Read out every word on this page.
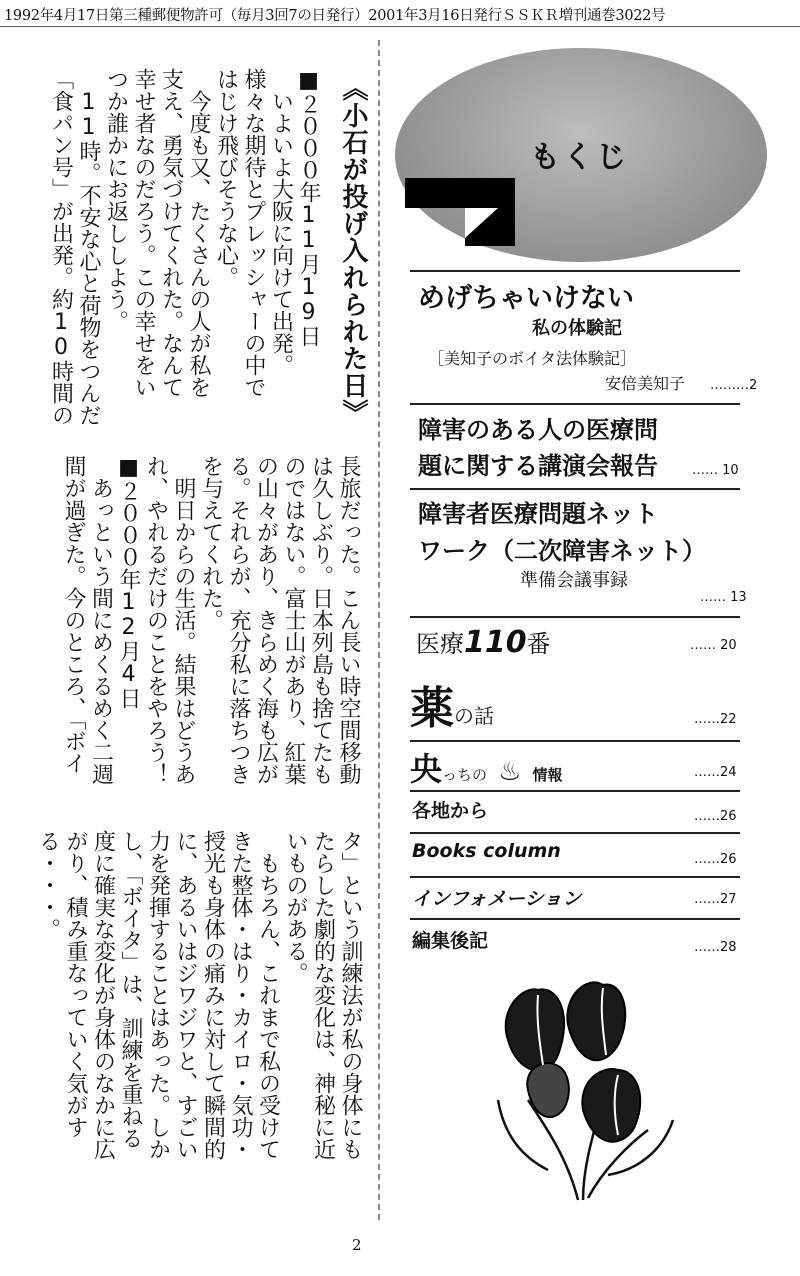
1992年4月17日第三種郵便物許可（毎月3回7の日発行）2001年3月16日発行ＳＳＫＲ増刊通巻3022号
《小石が投げ入れられた日》
■２０００年11月19日
　いよいよ大阪に向けて出発。
様々な期待とプレッシャーの中で
はじけ飛びそうな心。
　今度も又、たくさんの人が私を
支え、勇気づけてくれた。なんて
幸せ者なのだろう。この幸せをい
つか誰かにお返ししよう。
　11時。不安な心と荷物をつんだ
「食パン号」が出発。約10時間の
長旅だった。こん長い時空間移動
は久しぶり。日本列島も捨てたも
のではない。富士山があり、紅葉
の山々があり、きらめく海も広が
る。それらが、充分私に落ちつき
を与えてくれた。
　明日からの生活。結果はどうあ
れ、やれるだけのことをやろう！
■２０００年12月4日
　あっという間にめくるめく二週
間が過ぎた。今のところ、「ボイ
タ」という訓練法が私の身体にも
たらした劇的な変化は、神秘に近
いものがある。
　もちろん、これまで私の受けて
きた整体・はり・カイロ・気功・
授光も身体の痛みに対して瞬間的
に、あるいはジワジワと、すごい
力を発揮することはあった。しか
し、「ボイタ」は、訓練を重ねる
度に確実な変化が身体のなかに広
がり、積み重なっていく気がす
る・・・。
もくじ
めげちゃいけない
私の体験記
［美知子のボイタ法体験記］
安倍美知子 ………2
障害のある人の医療問
題に関する講演会報告	…… 10
障害者医療問題ネット
ワーク（二次障害ネット）
準備会議事録
…… 13
医療110番	…… 20
薬の話	……22
央っちの ♨ 情報	……24
各地から	……26
Books column	……26
インフォメーション	……27
編集後記	……28
2
